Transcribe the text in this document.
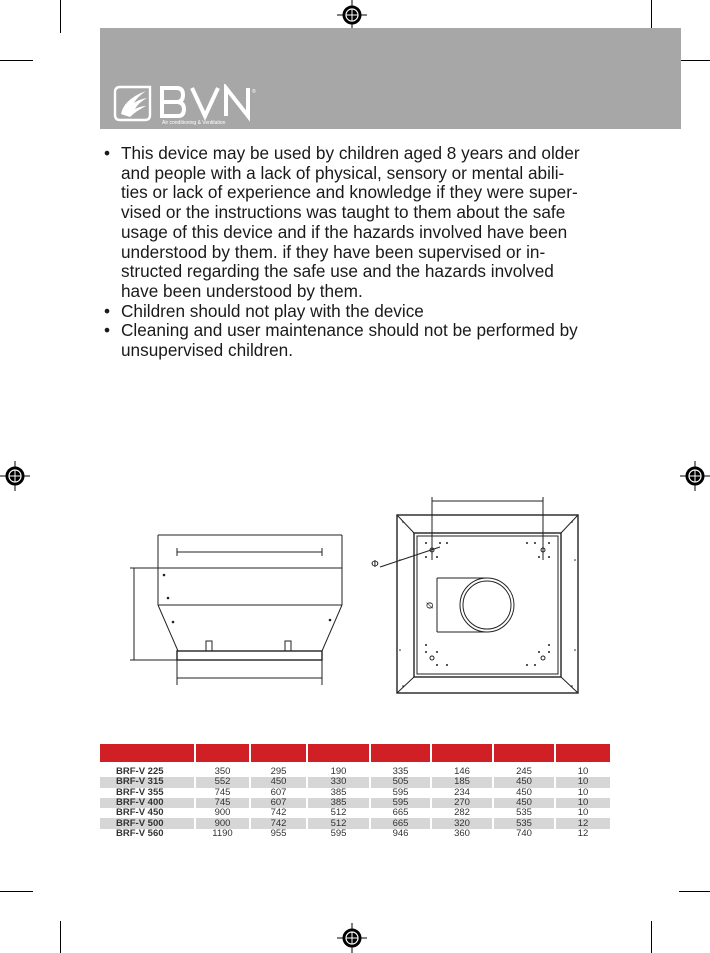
Air conditioning & Ventilation
®
• This device may be used by children aged 8 years and older
and people with a lack of physical, sensory or mental abili-
ties or lack of experience and knowledge if they were super-
vised or the instructions was taught to them about the safe
usage of this device and if the hazards involved have been
understood by them. if they have been supervised or in-
structed regarding the safe use and the hazards involved
have been understood by them.
• Children should not play with the device
• Cleaning and user maintenance should not be performed by
unsupervised children.
Φ
Ø

BRF-V 225	350	295	190	335	146	245	10
BRF-V 315	552	450	330	505	185	450	10
BRF-V 355	745	607	385	595	234	450	10
BRF-V 400	745	607	385	595	270	450	10
BRF-V 450	900	742	512	665	282	535	10
BRF-V 500	900	742	512	665	320	535	12
BRF-V 560	1190	955	595	946	360	740	12
